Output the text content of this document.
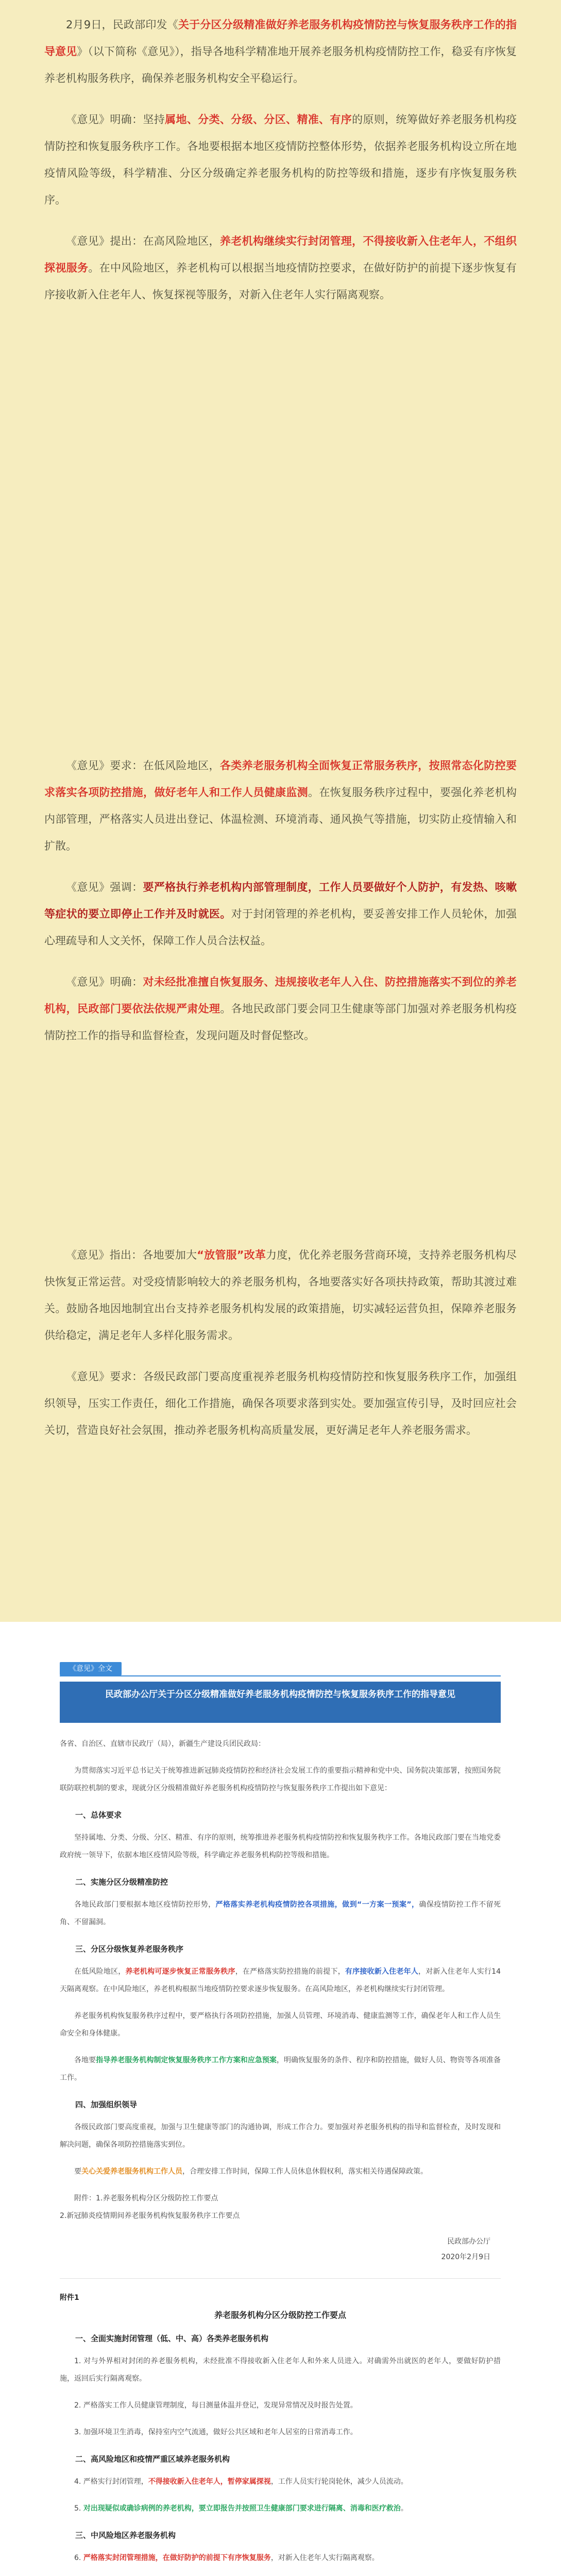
2月9日，民政部印发《关于分区分级精准做好养老服务机构疫情防控与恢复服务秩序工作的指导意见》（以下简称《意见》），指导各地科学精准地开展养老服务机构疫情防控工作，稳妥有序恢复养老机构服务秩序，确保养老服务机构安全平稳运行。

《意见》明确：坚持属地、分类、分级、分区、精准、有序的原则，统筹做好养老服务机构疫情防控和恢复服务秩序工作。各地要根据本地区疫情防控整体形势，依据养老服务机构设立所在地疫情风险等级，科学精准、分区分级确定养老服务机构的防控等级和措施，逐步有序恢复服务秩序。

《意见》提出：在高风险地区，养老机构继续实行封闭管理，不得接收新入住老年人，不组织探视服务。在中风险地区，养老机构可以根据当地疫情防控要求，在做好防护的前提下逐步恢复有序接收新入住老年人、恢复探视等服务，对新入住老年人实行隔离观察。

《意见》要求：在低风险地区，各类养老服务机构全面恢复正常服务秩序，按照常态化防控要求落实各项防控措施，做好老年人和工作人员健康监测。在恢复服务秩序过程中，要强化养老机构内部管理，严格落实人员进出登记、体温检测、环境消毒、通风换气等措施，切实防止疫情输入和扩散。

《意见》强调：要严格执行养老机构内部管理制度，工作人员要做好个人防护，有发热、咳嗽等症状的要立即停止工作并及时就医。对于封闭管理的养老机构，要妥善安排工作人员轮休，加强心理疏导和人文关怀，保障工作人员合法权益。

《意见》明确：对未经批准擅自恢复服务、违规接收老年人入住、防控措施落实不到位的养老机构，民政部门要依法依规严肃处理。各地民政部门要会同卫生健康等部门加强对养老服务机构疫情防控工作的指导和监督检查，发现问题及时督促整改。

《意见》指出：各地要加大“放管服”改革力度，优化养老服务营商环境，支持养老服务机构尽快恢复正常运营。对受疫情影响较大的养老服务机构，各地要落实好各项扶持政策，帮助其渡过难关。鼓励各地因地制宜出台支持养老服务机构发展的政策措施，切实减轻运营负担，保障养老服务供给稳定，满足老年人多样化服务需求。

《意见》要求：各级民政部门要高度重视养老服务机构疫情防控和恢复服务秩序工作，加强组织领导，压实工作责任，细化工作措施，确保各项要求落到实处。要加强宣传引导，及时回应社会关切，营造良好社会氛围，推动养老服务机构高质量发展，更好满足老年人养老服务需求。

《意见》全文
民政部办公厅关于分区分级精准做好养老服务机构疫情防控与恢复服务秩序工作的指导意见

各省、自治区、直辖市民政厅（局），新疆生产建设兵团民政局：

为贯彻落实习近平总书记关于统筹推进新冠肺炎疫情防控和经济社会发展工作的重要指示精神和党中央、国务院决策部署，按照国务院联防联控机制的要求，现就分区分级精准做好养老服务机构疫情防控与恢复服务秩序工作提出如下意见：

一、总体要求

坚持属地、分类、分级、分区、精准、有序的原则，统筹推进养老服务机构疫情防控和恢复服务秩序工作。各地民政部门要在当地党委政府统一领导下，依据本地区疫情风险等级，科学确定养老服务机构防控等级和措施。

二、实施分区分级精准防控

各地民政部门要根据本地区疫情防控形势，严格落实养老机构疫情防控各项措施，做到“一方案一预案”，确保疫情防控工作不留死角、不留漏洞。

三、分区分级恢复养老服务秩序

在低风险地区，养老机构可逐步恢复正常服务秩序，在严格落实防控措施的前提下，有序接收新入住老年人，对新入住老年人实行14天隔离观察。在中风险地区，养老机构根据当地疫情防控要求逐步恢复服务。在高风险地区，养老机构继续实行封闭管理。

养老服务机构恢复服务秩序过程中，要严格执行各项防控措施，加强人员管理、环境消毒、健康监测等工作，确保老年人和工作人员生命安全和身体健康。

各地要指导养老服务机构制定恢复服务秩序工作方案和应急预案，明确恢复服务的条件、程序和防控措施，做好人员、物资等各项准备工作。

四、加强组织领导

各级民政部门要高度重视，加强与卫生健康等部门的沟通协调，形成工作合力。要加强对养老服务机构的指导和监督检查，及时发现和解决问题，确保各项防控措施落实到位。

要关心关爱养老服务机构工作人员，合理安排工作时间，保障工作人员休息休假权利，落实相关待遇保障政策。

附件：1.养老服务机构分区分级防控工作要点
2.新冠肺炎疫情期间养老服务机构恢复服务秩序工作要点

民政部办公厅
2020年2月9日
附件1
养老服务机构分区分级防控工作要点

一、全面实施封闭管理（低、中、高）各类养老服务机构

1. 对与外界相对封闭的养老服务机构，未经批准不得接收新入住老年人和外来人员进入。对确需外出就医的老年人，要做好防护措施，返回后实行隔离观察。

2. 严格落实工作人员健康管理制度，每日测量体温并登记，发现异常情况及时报告处置。

3. 加强环境卫生消毒，保持室内空气流通，做好公共区域和老年人居室的日常消毒工作。

二、高风险地区和疫情严重区域养老服务机构

4. 严格实行封闭管理，不得接收新入住老年人，暂停家属探视，工作人员实行轮岗轮休，减少人员流动。

5. 对出现疑似或确诊病例的养老机构，要立即报告并按照卫生健康部门要求进行隔离、消毒和医疗救治。

三、中风险地区养老服务机构

6. 严格落实封闭管理措施，在做好防护的前提下有序恢复服务，对新入住老年人实行隔离观察。
